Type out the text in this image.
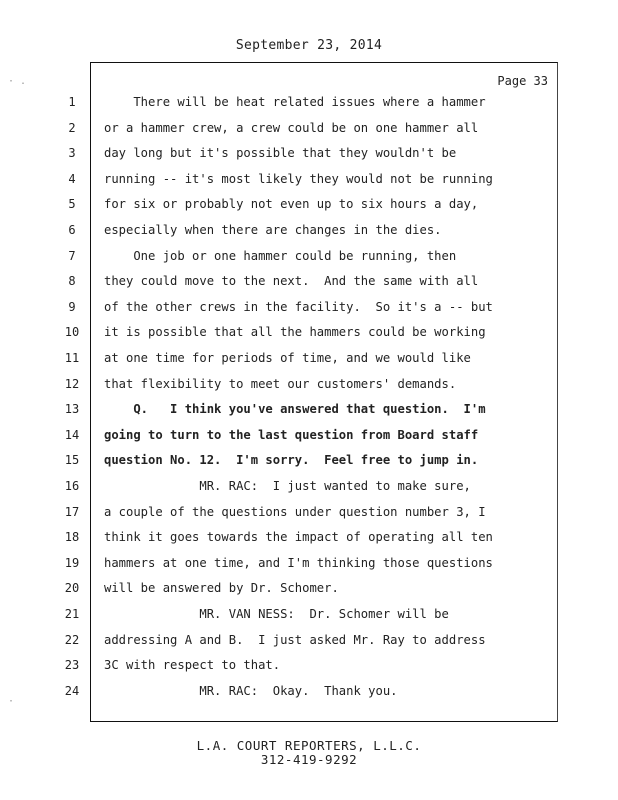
September 23, 2014
Page 33
1
2
3
4
5
6
7
8
9
10
11
12
13
14
15
16
17
18
19
20
21
22
23
24
There will be heat related issues where a hammer
or a hammer crew, a crew could be on one hammer all
day long but it's possible that they wouldn't be
running -- it's most likely they would not be running
for six or probably not even up to six hours a day,
especially when there are changes in the dies.
One job or one hammer could be running, then
they could move to the next.  And the same with all
of the other crews in the facility.  So it's a -- but
it is possible that all the hammers could be working
at one time for periods of time, and we would like
that flexibility to meet our customers' demands.
Q.   I think you've answered that question.  I'm
going to turn to the last question from Board staff
question No. 12.  I'm sorry.  Feel free to jump in.
MR. RAC:  I just wanted to make sure,
a couple of the questions under question number 3, I
think it goes towards the impact of operating all ten
hammers at one time, and I'm thinking those questions
will be answered by Dr. Schomer.
MR. VAN NESS:  Dr. Schomer will be
addressing A and B.  I just asked Mr. Ray to address
3C with respect to that.
MR. RAC:  Okay.  Thank you.
L.A. COURT REPORTERS, L.L.C.
312-419-9292
· .
·
